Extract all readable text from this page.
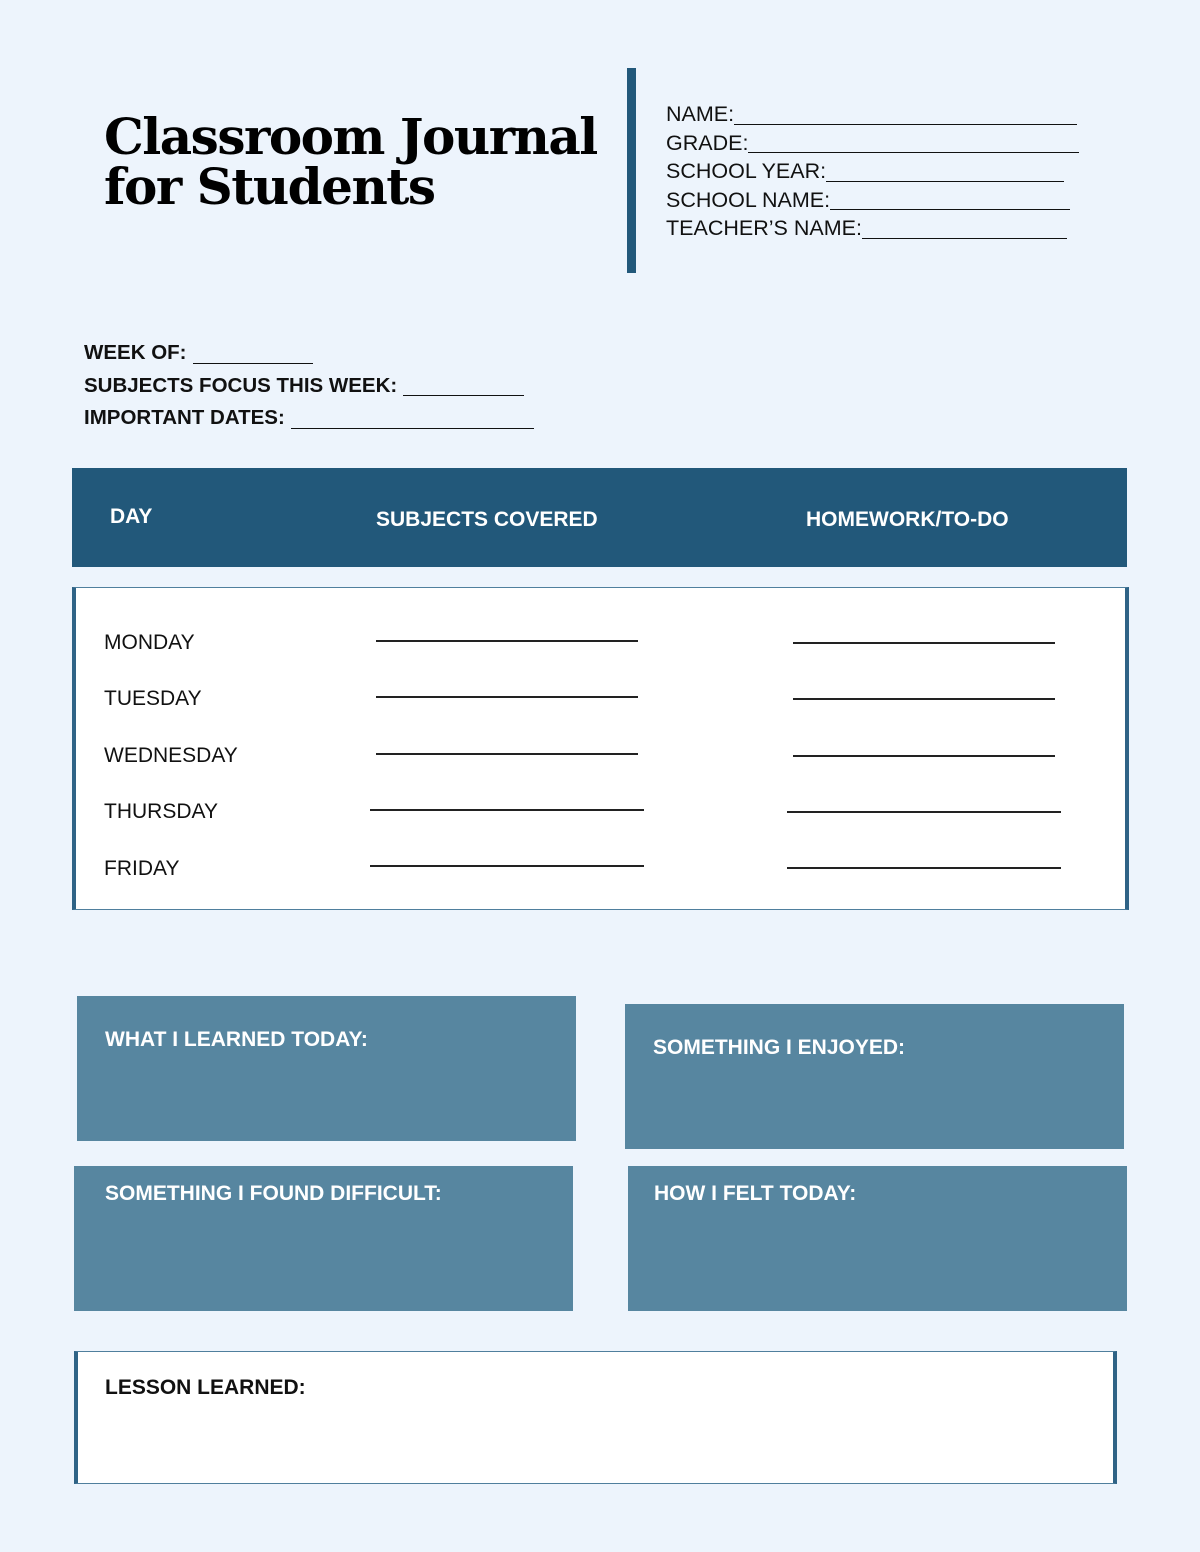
Classroom Journal
for Students
NAME:
GRADE:
SCHOOL YEAR:
SCHOOL NAME:
TEACHER’S NAME:
WEEK OF:
SUBJECTS FOCUS THIS WEEK:
IMPORTANT DATES:
DAY	SUBJECTS COVERED	HOMEWORK/TO-DO
MONDAY
TUESDAY
WEDNESDAY
THURSDAY
FRIDAY
WHAT I LEARNED TODAY:	SOMETHING I ENJOYED:
SOMETHING I FOUND DIFFICULT:	HOW I FELT TODAY:
LESSON LEARNED:
